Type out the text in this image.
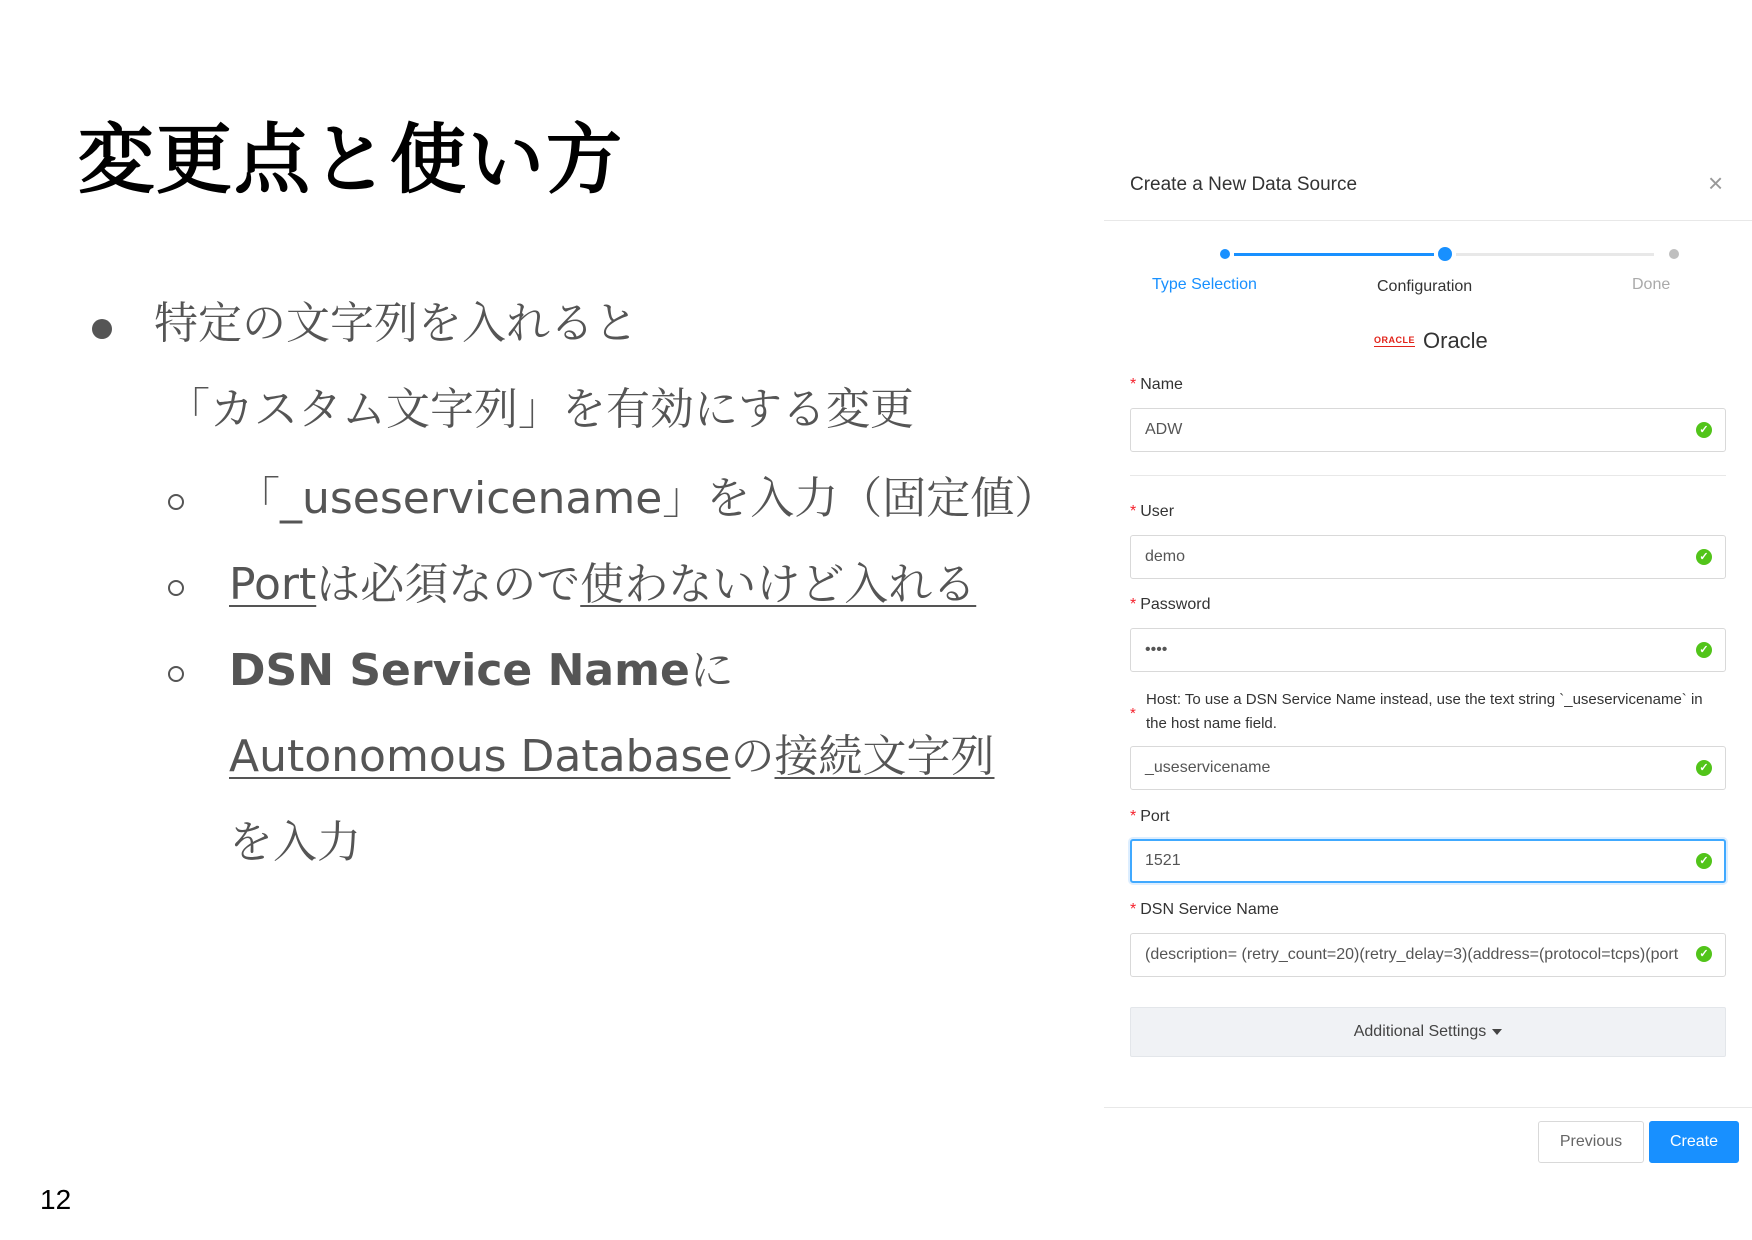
変更点と使い方
特定の文字列を入れると
「カスタム文字列」を有効にする変更
「_useservicename」を入力（固定値）
Portは必須なので使わないけど入れる
DSN Service Nameに
Autonomous Databaseの接続文字列
を入力
12
Create a New Data Source	×
Type Selection	Configuration	Done
ORACLE Oracle
* Name
ADW	✓
* User
demo	✓
* Password
••••	✓
*
Host: To use a DSN Service Name instead, use the text string `_useservicename` in the host name field.
_useservicename	✓
* Port
1521	✓
* DSN Service Name
(description= (retry_count=20)(retry_delay=3)(address=(protocol=tcps)(port	✓
Additional Settings
Previous	Create
